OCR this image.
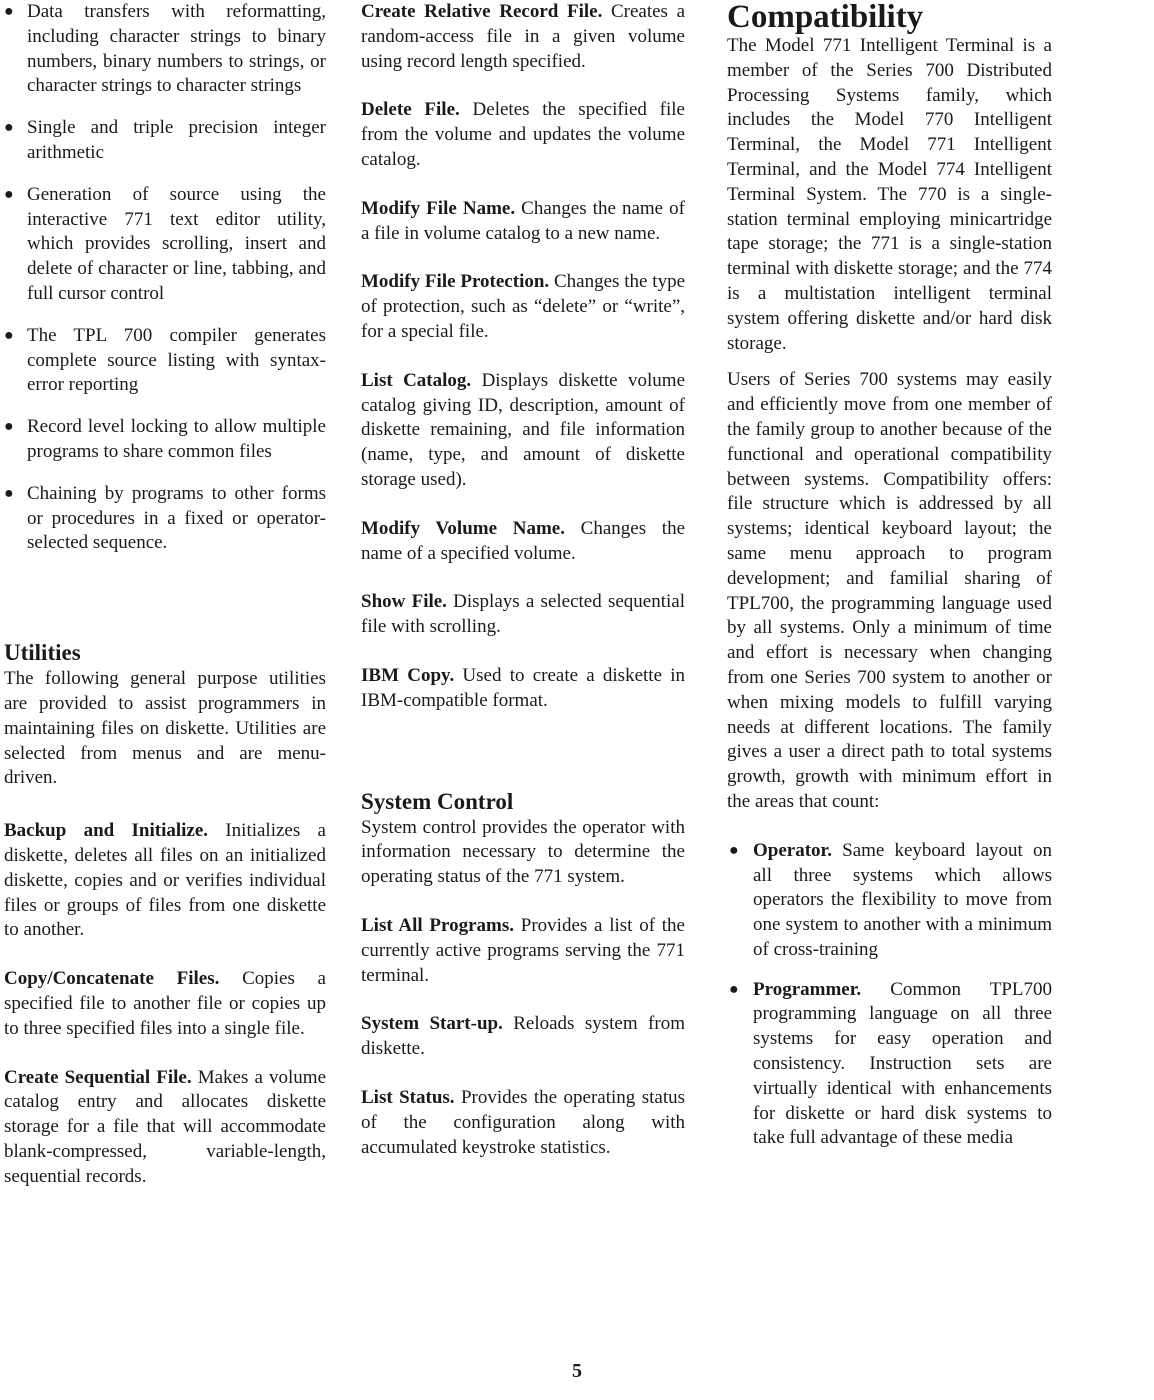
● Data transfers with reformatting, including character strings to binary numbers, binary numbers to strings, or character strings to character strings
● Single and triple precision integer arithmetic
● Generation of source using the interactive 771 text editor utility, which provides scrolling, insert and delete of character or line, tabbing, and full cursor control
● The TPL 700 compiler generates complete source listing with syntax-error reporting
● Record level locking to allow multiple programs to share common files
● Chaining by programs to other forms or procedures in a fixed or operator-selected sequence.
Utilities

The following general purpose utilities are provided to assist programmers in maintaining files on diskette. Utilities are selected from menus and are menu-driven.

Backup and Initialize. Initializes a diskette, deletes all files on an initialized diskette, copies and or verifies individual files or groups of files from one diskette to another.

Copy/Concatenate Files. Copies a specified file to another file or copies up to three specified files into a single file.

Create Sequential File. Makes a volume catalog entry and allocates diskette storage for a file that will accommodate blank-compressed, variable-length, sequential records.

Create Relative Record File. Creates a random-access file in a given volume using record length specified.

Delete File. Deletes the specified file from the volume and updates the volume catalog.

Modify File Name. Changes the name of a file in volume catalog to a new name.

Modify File Protection. Changes the type of protection, such as “delete” or “write”, for a special file.

List Catalog. Displays diskette volume catalog giving ID, description, amount of diskette remaining, and file information (name, type, and amount of diskette storage used).

Modify Volume Name. Changes the name of a specified volume.

Show File. Displays a selected sequential file with scrolling.

IBM Copy. Used to create a diskette in IBM-compatible format.

System Control

System control provides the operator with information necessary to determine the operating status of the 771 system.

List All Programs. Provides a list of the currently active programs serving the 771 terminal.

System Start-up. Reloads system from diskette.

List Status. Provides the operating status of the configuration along with accumulated keystroke statistics.

Compatibility

The Model 771 Intelligent Terminal is a member of the Series 700 Distributed Processing Systems family, which includes the Model 770 Intelligent Terminal, the Model 771 Intelligent Terminal, and the Model 774 Intelligent Terminal System. The 770 is a single-station terminal employing minicartridge tape storage; the 771 is a single-station terminal with diskette storage; and the 774 is a multistation intelligent terminal system offering diskette and/or hard disk storage.

Users of Series 700 systems may easily and efficiently move from one member of the family group to another because of the functional and operational compatibility between systems. Compatibility offers: file structure which is addressed by all systems; identical keyboard layout; the same menu approach to program development; and familial sharing of TPL700, the programming language used by all systems. Only a minimum of time and effort is necessary when changing from one Series 700 system to another or when mixing models to fulfill varying needs at different locations. The family gives a user a direct path to total systems growth, growth with minimum effort in the areas that count:

● Operator. Same keyboard layout on all three systems which allows operators the flexibility to move from one system to another with a minimum of cross-training
● Programmer. Common TPL700 programming language on all three systems for easy operation and consistency. Instruction sets are virtually identical with enhancements for diskette or hard disk systems to take full advantage of these media
5
